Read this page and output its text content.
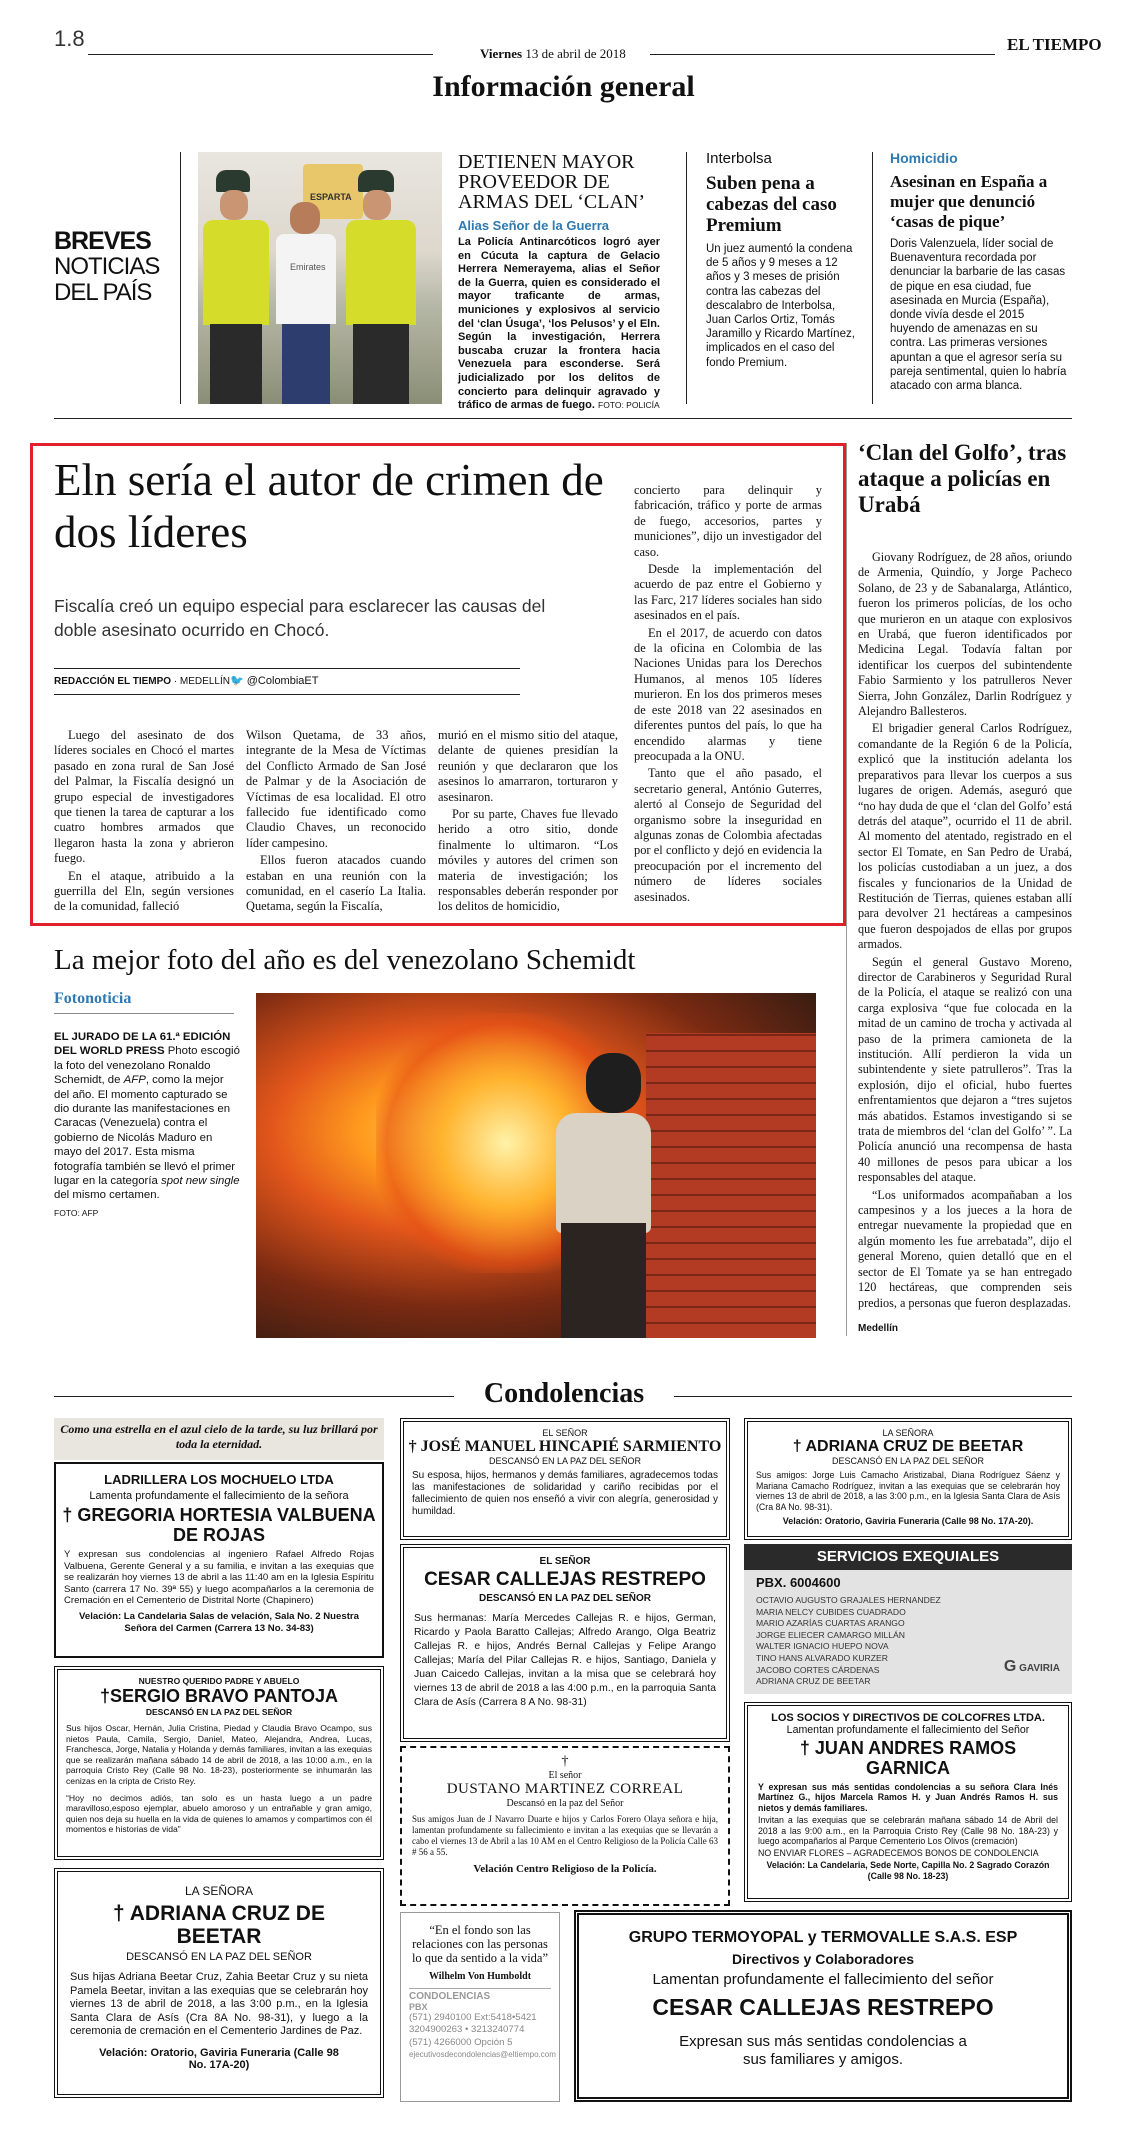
1.8
Viernes 13 de abril de 2018	EL TIEMPO
Información general
BREVES
NOTICIAS
DEL PAÍS
ESPARTA
Emirates
DETIENEN MAYOR PROVEEDOR DE ARMAS DEL ‘CLAN’
Alias Señor de la Guerra
La Policía Antinarcóticos logró ayer en Cúcuta la captura de Gelacio Herrera Nemerayema, alias el Señor de la Guerra, quien es considerado el mayor traficante de armas, municiones y explosivos al servicio del ‘clan Úsuga’, ‘los Pelusos’ y el Eln. Según la investigación, Herrera buscaba cruzar la frontera hacia Venezuela para esconderse. Será judicializado por los delitos de concierto para delinquir agravado y tráfico de armas de fuego. FOTO: POLICÍA
Interbolsa
Suben pena a cabezas del caso Premium
Un juez aumentó la condena de 5 años y 9 meses a 12 años y 3 meses de prisión contra las cabezas del descalabro de Interbolsa, Juan Carlos Ortiz, Tomás Jaramillo y Ricardo Martínez, implicados en el caso del fondo Premium.
Homicidio
Asesinan en España a mujer que denunció ‘casas de pique’
Doris Valenzuela, líder social de Buenaventura recordada por denunciar la barbarie de las casas de pique en esa ciudad, fue asesinada en Murcia (España), donde vivía desde el 2015 huyendo de amenazas en su contra. Las primeras versiones apuntan a que el agresor sería su pareja sentimental, quien lo habría atacado con arma blanca.
Eln sería el autor de crimen de dos líderes
Fiscalía creó un equipo especial para esclarecer las causas del doble asesinato ocurrido en Chocó.
REDACCIÓN EL TIEMPO · MEDELLÍN 🐦 @ColombiaET

Luego del asesinato de dos líderes sociales en Chocó el martes pasado en zona rural de San José del Palmar, la Fiscalía designó un grupo especial de investigadores que tienen la tarea de capturar a los cuatro hombres armados que llegaron hasta la zona y abrieron fuego.

En el ataque, atribuido a la guerrilla del Eln, según versiones de la comunidad, falleció

Wilson Quetama, de 33 años, integrante de la Mesa de Víctimas del Conflicto Armado de San José de Palmar y de la Asociación de Víctimas de esa localidad. El otro fallecido fue identificado como Claudio Chaves, un reconocido líder campesino.

Ellos fueron atacados cuando estaban en una reunión con la comunidad, en el caserío La Italia. Quetama, según la Fiscalía,

murió en el mismo sitio del ataque, delante de quienes presidían la reunión y que declararon que los asesinos lo amarraron, torturaron y asesinaron.

Por su parte, Chaves fue llevado herido a otro sitio, donde finalmente lo ultimaron. “Los móviles y autores del crimen son materia de investigación; los responsables deberán responder por los delitos de homicidio,

concierto para delinquir y fabricación, tráfico y porte de armas de fuego, accesorios, partes y municiones”, dijo un investigador del caso.

Desde la implementación del acuerdo de paz entre el Gobierno y las Farc, 217 líderes sociales han sido asesinados en el país.

En el 2017, de acuerdo con datos de la oficina en Colombia de las Naciones Unidas para los Derechos Humanos, al menos 105 líderes murieron. En los dos primeros meses de este 2018 van 22 asesinados en diferentes puntos del país, lo que ha encendido alarmas y tiene preocupada a la ONU.

Tanto que el año pasado, el secretario general, António Guterres, alertó al Consejo de Seguridad del organismo sobre la inseguridad en algunas zonas de Colombia afectadas por el conflicto y dejó en evidencia la preocupación por el incremento del número de líderes sociales asesinados.

‘Clan del Golfo’, tras ataque a policías en Urabá

Giovany Rodríguez, de 28 años, oriundo de Armenia, Quindío, y Jorge Pacheco Solano, de 23 y de Sabanalarga, Atlántico, fueron los primeros policías, de los ocho que murieron en un ataque con explosivos en Urabá, que fueron identificados por Medicina Legal. Todavía faltan por identificar los cuerpos del subintendente Fabio Sarmiento y los patrulleros Never Sierra, John González, Darlin Rodríguez y Alejandro Ballesteros.

El brigadier general Carlos Rodríguez, comandante de la Región 6 de la Policía, explicó que la institución adelanta los preparativos para llevar los cuerpos a sus lugares de origen. Además, aseguró que “no hay duda de que el ‘clan del Golfo’ está detrás del ataque”, ocurrido el 11 de abril. Al momento del atentado, registrado en el sector El Tomate, en San Pedro de Urabá, los policías custodiaban a un juez, a dos fiscales y funcionarios de la Unidad de Restitución de Tierras, quienes estaban allí para devolver 21 hectáreas a campesinos que fueron despojados de ellas por grupos armados.

Según el general Gustavo Moreno, director de Carabineros y Seguridad Rural de la Policía, el ataque se realizó con una carga explosiva “que fue colocada en la mitad de un camino de trocha y activada al paso de la primera camioneta de la institución. Allí perdieron la vida un subintendente y siete patrulleros”. Tras la explosión, dijo el oficial, hubo fuertes enfrentamientos que dejaron a “tres sujetos más abatidos. Estamos investigando si se trata de miembros del ‘clan del Golfo’ ”. La Policía anunció una recompensa de hasta 40 millones de pesos para ubicar a los responsables del ataque.

“Los uniformados acompañaban a los campesinos y a los jueces a la hora de entregar nuevamente la propiedad que en algún momento les fue arrebatada”, dijo el general Moreno, quien detalló que en el sector de El Tomate ya se han entregado 120 hectáreas, que comprenden seis predios, a personas que fueron desplazadas.

Medellín
La mejor foto del año es del venezolano Schemidt
Fotonoticia
EL JURADO DE LA 61.ª EDICIÓN DEL WORLD PRESS Photo escogió la foto del venezolano Ronaldo Schemidt, de AFP, como la mejor del año. El momento capturado se dio durante las manifestaciones en Caracas (Venezuela) contra el gobierno de Nicolás Maduro en mayo del 2017. Esta misma fotografía también se llevó el primer lugar en la categoría spot new single del mismo certamen.
FOTO: AFP
Condolencias
Como una estrella en el azul cielo de la tarde, su luz brillará por toda la eternidad.
LADRILLERA LOS MOCHUELO LTDA
Lamenta profundamente el fallecimiento de la señora
† GREGORIA HORTESIA VALBUENA DE ROJAS
Y expresan sus condolencias al ingeniero Rafael Alfredo Rojas Valbuena, Gerente General y a su familia, e invitan a las exequias que se realizarán hoy viernes 13 de abril a las 11:40 am en la Iglesia Espíritu Santo (carrera 17 No. 39ª 55) y luego acompañarlos a la ceremonia de Cremación en el Cementerio de Distrital Norte (Chapinero)
Velación: La Candelaria Salas de velación, Sala No. 2 Nuestra Señora del Carmen (Carrera 13 No. 34-83)
NUESTRO QUERIDO PADRE Y ABUELO
†SERGIO BRAVO PANTOJA
DESCANSÓ EN LA PAZ DEL SEÑOR
Sus hijos Oscar, Hernán, Julia Cristina, Piedad y Claudia Bravo Ocampo, sus nietos Paula, Camila, Sergio, Daniel, Mateo, Alejandra, Andrea, Lucas, Franchesca, Jorge, Natalia y Holanda y demás familiares, invitan a las exequias que se realizarán mañana sábado 14 de abril de 2018, a las 10:00 a.m., en la parroquia Cristo Rey (Calle 98 No. 18-23), posteriormente se inhumarán las cenizas en la cripta de Cristo Rey.
“Hoy no decimos adiós, tan solo es un hasta luego a un padre maravilloso,esposo ejemplar, abuelo amoroso y un entrañable y gran amigo, quien nos deja su huella en la vida de quienes lo amamos y compartimos con él momentos e historias de vida”
LA SEÑORA
† ADRIANA CRUZ DE BEETAR
DESCANSÓ EN LA PAZ DEL SEÑOR
Sus hijas Adriana Beetar Cruz, Zahia Beetar Cruz y su nieta Pamela Beetar, invitan a las exequias que se celebrarán hoy viernes 13 de abril de 2018, a las 3:00 p.m., en la Iglesia Santa Clara de Asís (Cra 8A No. 98-31), y luego a la ceremonia de cremación en el Cementerio Jardines de Paz.
Velación: Oratorio, Gaviria Funeraria (Calle 98 No. 17A-20)
EL SEÑOR
† JOSÉ MANUEL HINCAPIÉ SARMIENTO
DESCANSÓ EN LA PAZ DEL SEÑOR
Su esposa, hijos, hermanos y demás familiares, agradecemos todas las manifestaciones de solidaridad y cariño recibidas por el fallecimiento de quien nos enseñó a vivir con alegría, generosidad y humildad.
EL SEÑOR
CESAR CALLEJAS RESTREPO
DESCANSÓ EN LA PAZ DEL SEÑOR
Sus hermanas: María Mercedes Callejas R. e hijos, German, Ricardo y Paola Baratto Callejas; Alfredo Arango, Olga Beatriz Callejas R. e hijos, Andrés Bernal Callejas y Felipe Arango Callejas; María del Pilar Callejas R. e hijos, Santiago, Daniela y Juan Caicedo Callejas, invitan a la misa que se celebrará hoy viernes 13 de abril de 2018 a las 4:00 p.m., en la parroquia Santa Clara de Asís (Carrera 8 A No. 98-31)
†
El señor
DUSTANO MARTINEZ CORREAL
Descansó en la paz del Señor
Sus amigos Juan de J Navarro Duarte e hijos y Carlos Forero Olaya señora e hija, lamentan profundamente su fallecimiento e invitan a las exequias que se llevarán a cabo el viernes 13 de Abril a las 10 AM en el Centro Religioso de la Policía Calle 63 # 56 a 55.
Velación Centro Religioso de la Policía.
“En el fondo son las relaciones con las personas lo que da sentido a la vida”
Wilhelm Von Humboldt
CONDOLENCIAS
PBX
(571) 2940100 Ext:5418•5421
3204900263 • 3213240774
(571) 4266000 Opción 5
ejecutivosdecondolencias@eltiempo.com
LA SEÑORA
† ADRIANA CRUZ DE BEETAR
DESCANSÓ EN LA PAZ DEL SEÑOR
Sus amigos: Jorge Luis Camacho Aristizabal, Diana Rodríguez Sáenz y Mariana Camacho Rodríguez, invitan a las exequias que se celebrarán hoy viernes 13 de abril de 2018, a las 3:00 p.m., en la Iglesia Santa Clara de Asís (Cra 8A No. 98-31).
Velación: Oratorio, Gaviria Funeraria (Calle 98 No. 17A-20).
SERVICIOS EXEQUIALES
PBX. 6004600
OCTAVIO AUGUSTO GRAJALES HERNANDEZ
MARIA NELCY CUBIDES CUADRADO
MARIO AZARÍAS CUARTAS ARANGO
JORGE ELIECER CAMARGO MILLÁN
WALTER IGNACIO HUEPO NOVA
TINO HANS ALVARADO KURZER
JACOBO CORTES CÁRDENAS
ADRIANA CRUZ DE BEETAR
G GAVIRIA
LOS SOCIOS Y DIRECTIVOS DE COLCOFRES LTDA.
Lamentan profundamente el fallecimiento del Señor
† JUAN ANDRES RAMOS GARNICA
Y expresan sus más sentidas condolencias a su señora Clara Inés Martínez G., hijos Marcela Ramos H. y Juan Andrés Ramos H. sus nietos y demás familiares.
Invitan a las exequias que se celebrarán mañana sábado 14 de Abril del 2018 a las 9:00 a.m., en la Parroquia Cristo Rey (Calle 98 No. 18A-23) y luego acompañarlos al Parque Cementerio Los Olivos (cremación)
NO ENVIAR FLORES – AGRADECEMOS BONOS DE CONDOLENCIA
Velación: La Candelaria, Sede Norte, Capilla No. 2 Sagrado Corazón (Calle 98 No. 18-23)
GRUPO TERMOYOPAL y TERMOVALLE S.A.S. ESP
Directivos y Colaboradores
Lamentan profundamente el fallecimiento del señor
CESAR CALLEJAS RESTREPO
Expresan sus más sentidas condolencias a sus familiares y amigos.
